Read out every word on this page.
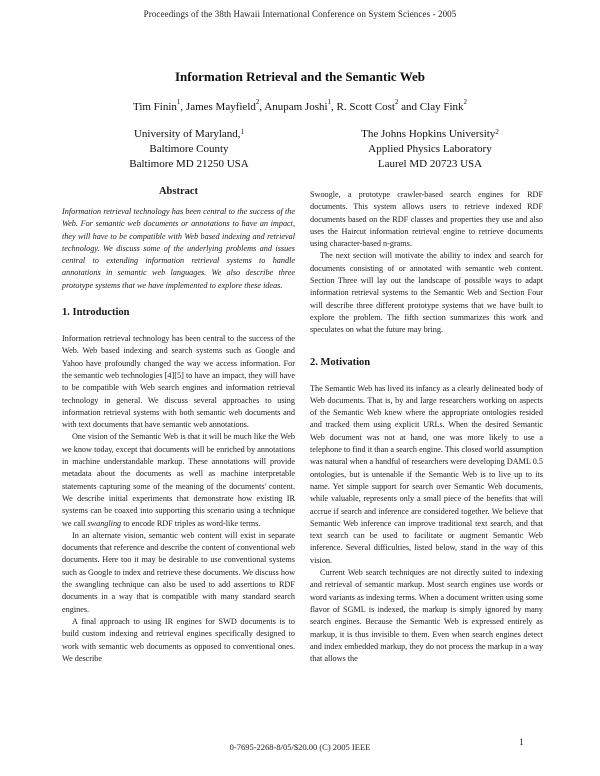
Proceedings of the 38th Hawaii International Conference on System Sciences - 2005
Information Retrieval and the Semantic Web
Tim Finin$^1$, James Mayfield$^2$, Anupam Joshi$^1$, R. Scott Cost$^2$ and Clay Fink$^2$
University of Maryland,$^1$
Baltimore County
Baltimore MD 21250 USA
The Johns Hopkins University$^2$
Applied Physics Laboratory
Laurel MD 20723 USA
Abstract

Information retrieval technology has been central to the success of the Web. For semantic web documents or annotations to have an impact, they will have to be compatible with Web based indexing and retrieval technology. We discuss some of the underlying problems and issues central to extending information retrieval systems to handle annotations in semantic web languages. We also describe three prototype systems that we have implemented to explore these ideas.

1. Introduction

Information retrieval technology has been central to the success of the Web. Web based indexing and search systems such as Google and Yahoo have profoundly changed the way we access information. For the semantic web technologies [4][5] to have an impact, they will have to be compatible with Web search engines and information retrieval technology in general. We discuss several approaches to using information retrieval systems with both semantic web documents and with text documents that have semantic web annotations.

One vision of the Semantic Web is that it will be much like the Web we know today, except that documents will be enriched by annotations in machine understandable markup. These annotations will provide metadata about the documents as well as machine interpretable statements capturing some of the meaning of the documents' content. We describe initial experiments that demonstrate how existing IR systems can be coaxed into supporting this scenario using a technique we call swangling to encode RDF triples as word-like terms.

In an alternate vision, semantic web content will exist in separate documents that reference and describe the content of conventional web documents. Here too it may be desirable to use conventional systems such as Google to index and retrieve these documents. We discuss how the swangling technique can also be used to add assertions to RDF documents in a way that is compatible with many standard search engines.

A final approach to using IR engines for SWD documents is to build custom indexing and retrieval engines specifically designed to work with semantic web documents as opposed to conventional ones. We describe

Swoogle, a prototype crawler-based search engines for RDF documents. This system allows users to retrieve indexed RDF documents based on the RDF classes and properties they use and also uses the Haircut information retrieval engine to retrieve documents using character-based n-grams.

The next section will motivate the ability to index and search for documents consisting of or annotated with semantic web content. Section Three will lay out the landscape of possible ways to adapt information retrieval systems to the Semantic Web and Section Four will describe three different prototype systems that we have built to explore the problem. The fifth section summarizes this work and speculates on what the future may bring.

2. Motivation

The Semantic Web has lived its infancy as a clearly delineated body of Web documents. That is, by and large researchers working on aspects of the Semantic Web knew where the appropriate ontologies resided and tracked them using explicit URLs. When the desired Semantic Web document was not at hand, one was more likely to use a telephone to find it than a search engine. This closed world assumption was natural when a handful of researchers were developing DAML 0.5 ontologies, but is untenable if the Semantic Web is to live up to its name. Yet simple support for search over Semantic Web documents, while valuable, represents only a small piece of the benefits that will accrue if search and inference are considered together. We believe that Semantic Web inference can improve traditional text search, and that text search can be used to facilitate or augment Semantic Web inference. Several difficulties, listed below, stand in the way of this vision.

Current Web search techniques are not directly suited to indexing and retrieval of semantic markup. Most search engines use words or word variants as indexing terms. When a document written using some flavor of SGML is indexed, the markup is simply ignored by many search engines. Because the Semantic Web is expressed entirely as markup, it is thus invisible to them. Even when search engines detect and index embedded markup, they do not process the markup in a way that allows the

0-7695-2268-8/05/$20.00 (C) 2005 IEEE	1
